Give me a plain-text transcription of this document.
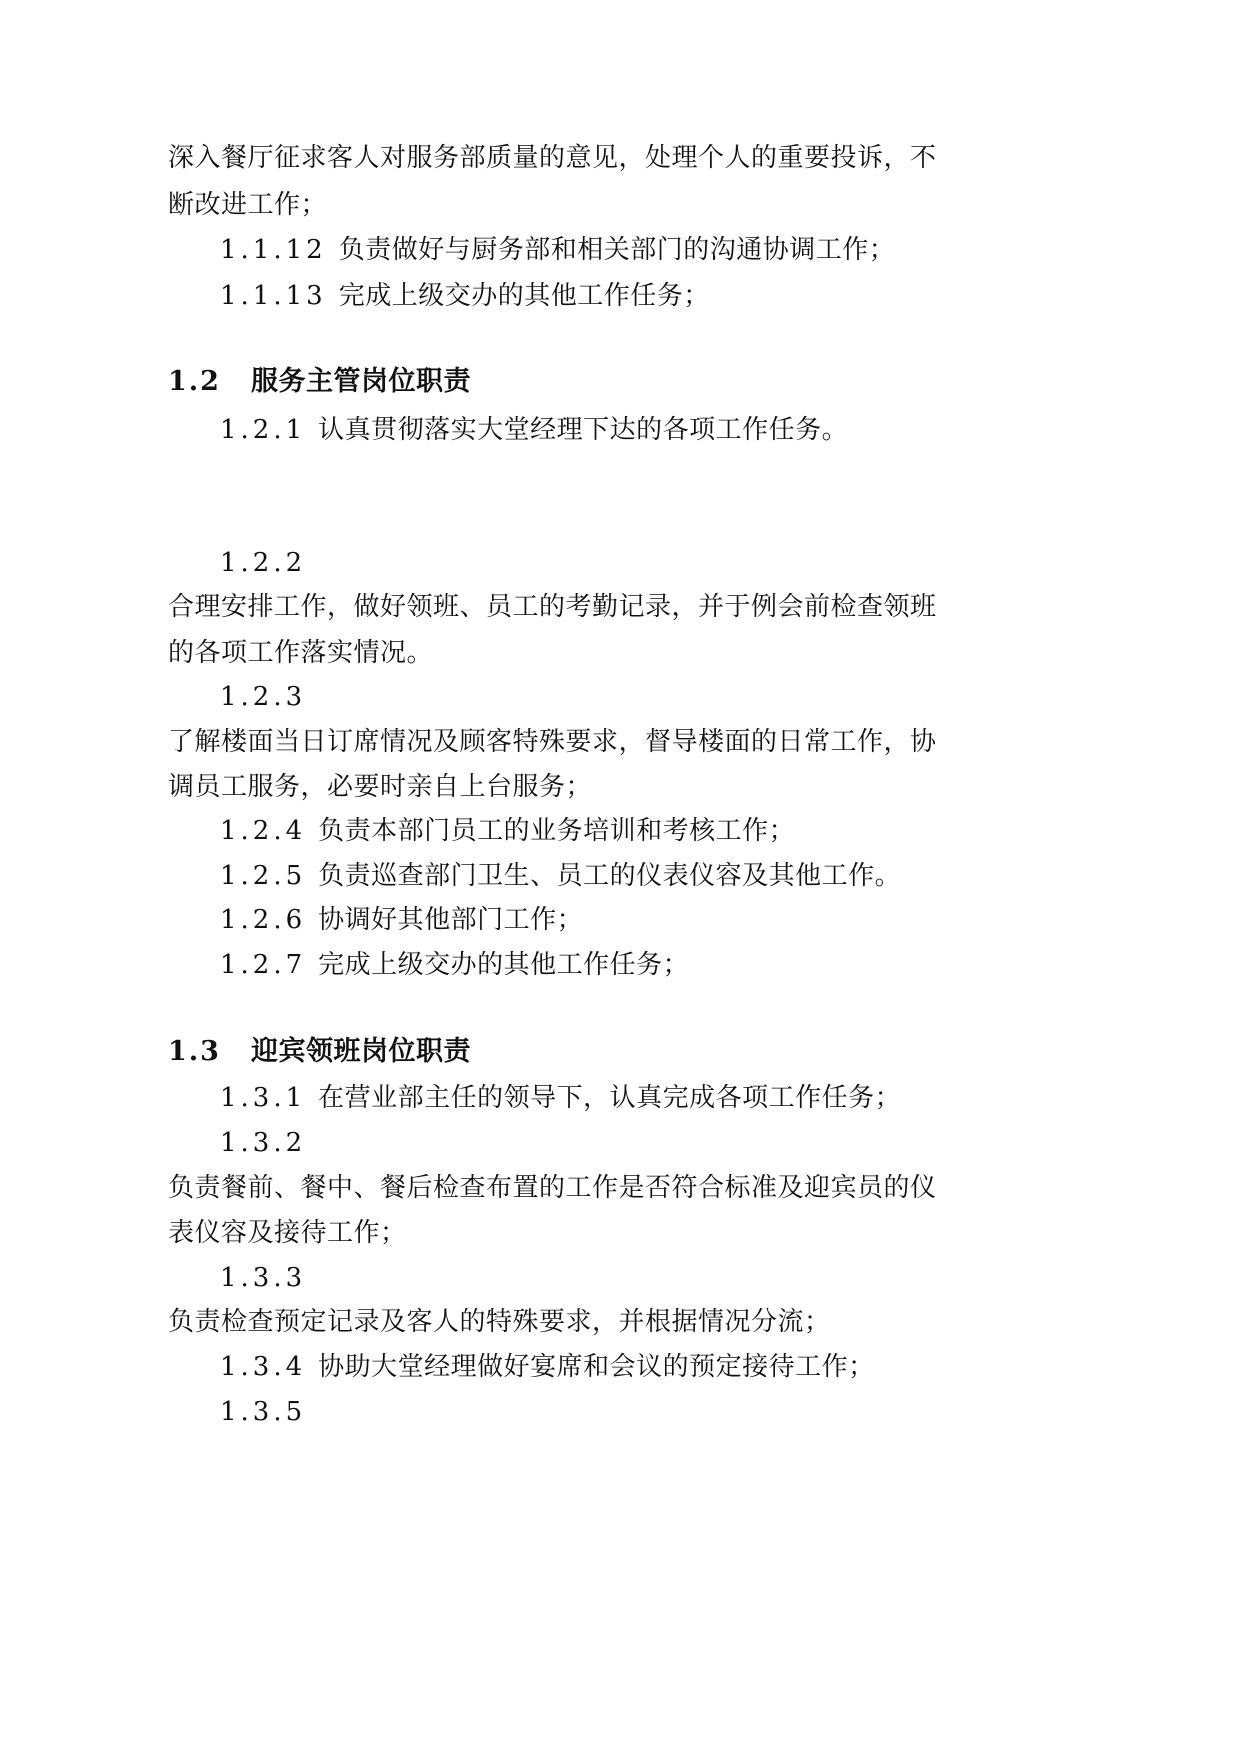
深入餐厅征求客人对服务部质量的意见，处理个人的重要投诉，不
断改进工作；
1.1.12 负责做好与厨务部和相关部门的沟通协调工作；
1.1.13 完成上级交办的其他工作任务；
1.2 服务主管岗位职责
1.2.1 认真贯彻落实大堂经理下达的各项工作任务。
1.2.2
合理安排工作，做好领班、员工的考勤记录，并于例会前检查领班
的各项工作落实情况。
1.2.3
了解楼面当日订席情况及顾客特殊要求，督导楼面的日常工作，协
调员工服务，必要时亲自上台服务；
1.2.4 负责本部门员工的业务培训和考核工作；
1.2.5 负责巡查部门卫生、员工的仪表仪容及其他工作。
1.2.6 协调好其他部门工作；
1.2.7 完成上级交办的其他工作任务；
1.3 迎宾领班岗位职责
1.3.1 在营业部主任的领导下，认真完成各项工作任务；
1.3.2
负责餐前、餐中、餐后检查布置的工作是否符合标准及迎宾员的仪
表仪容及接待工作；
1.3.3
负责检查预定记录及客人的特殊要求，并根据情况分流；
1.3.4 协助大堂经理做好宴席和会议的预定接待工作；
1.3.5
